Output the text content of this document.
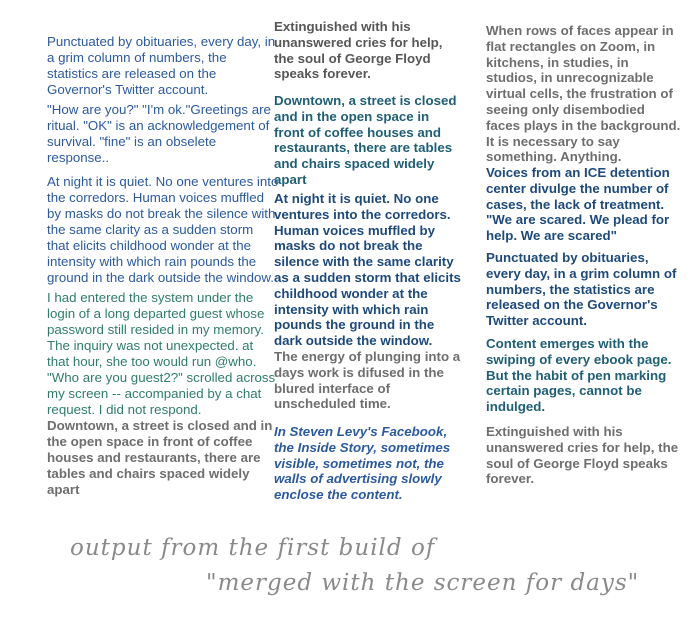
Punctuated by obituaries, every day, in a grim column of numbers, the statistics are released on the Governor's Twitter account.

"How are you?" "I'm ok."Greetings are ritual. "OK" is an acknowledgement of survival. "fine" is an obselete response..

At night it is quiet. No one ventures into the corredors. Human voices muffled by masks do not break the silence with the same clarity as a sudden storm that elicits childhood wonder at the intensity with which rain pounds the ground in the dark outside the window.

I had entered the system under the login of a long departed guest whose password still resided in my memory. The inquiry was not unexpected. at that hour, she too would run @who. "Who are you guest2?" scrolled across my screen -- accompanied by a chat request. I did not respond.

Downtown, a street is closed and in the open space in front of coffee houses and restaurants, there are tables and chairs spaced widely apart

Extinguished with his unanswered cries for help, the soul of George Floyd speaks forever.

Downtown, a street is closed and in the open space in front of coffee houses and restaurants, there are tables and chairs spaced widely apart

At night it is quiet. No one ventures into the corredors. Human voices muffled by masks do not break the silence with the same clarity as a sudden storm that elicits childhood wonder at the intensity with which rain pounds the ground in the dark outside the window.

The energy of plunging into a days work is difused in the blured interface of unscheduled time.

In Steven Levy's Facebook, the Inside Story, sometimes visible, sometimes not, the walls of advertising slowly enclose the content.

When rows of faces appear in flat rectangles on Zoom, in kitchens, in studies, in studios, in unrecognizable virtual cells, the frustration of seeing only disembodied faces plays in the background. It is necessary to say something. Anything.

Voices from an ICE detention center divulge the number of cases, the lack of treatment. "We are scared. We plead for help. We are scared"

Punctuated by obituaries, every day, in a grim column of numbers, the statistics are released on the Governor's Twitter account.

Content emerges with the swiping of every ebook page. But the habit of pen marking certain pages, cannot be indulged.

Extinguished with his unanswered cries for help, the soul of George Floyd speaks forever.

output from the first build of

"merged with the screen for days"
